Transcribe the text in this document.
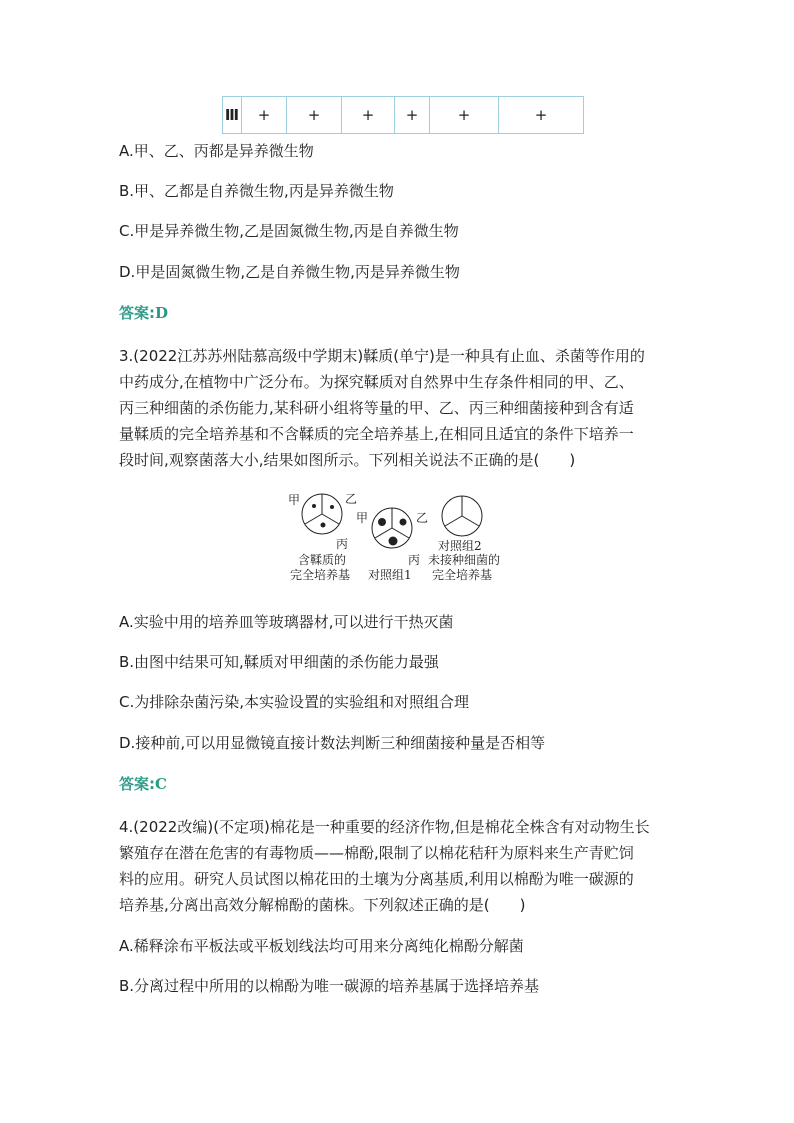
Ⅲ	+	+	+	+	+	+
A.甲、乙、丙都是异养微生物
B.甲、乙都是自养微生物,丙是异养微生物
C.甲是异养微生物,乙是固氮微生物,丙是自养微生物
D.甲是固氮微生物,乙是自养微生物,丙是异养微生物
答案:D
3.(2022江苏苏州陆慕高级中学期末)鞣质(单宁)是一种具有止血、杀菌等作用的
中药成分,在植物中广泛分布。为探究鞣质对自然界中生存条件相同的甲、乙、
丙三种细菌的杀伤能力,某科研小组将等量的甲、乙、丙三种细菌接种到含有适
量鞣质的完全培养基和不含鞣质的完全培养基上,在相同且适宜的条件下培养一
段时间,观察菌落大小,结果如图所示。下列相关说法不正确的是(　　)
甲	乙
丙
含鞣质的
完全培养基
甲	乙
丙
对照组1
对照组2
未接种细菌的
完全培养基
A.实验中用的培养皿等玻璃器材,可以进行干热灭菌
B.由图中结果可知,鞣质对甲细菌的杀伤能力最强
C.为排除杂菌污染,本实验设置的实验组和对照组合理
D.接种前,可以用显微镜直接计数法判断三种细菌接种量是否相等
答案:C
4.(2022改编)(不定项)棉花是一种重要的经济作物,但是棉花全株含有对动物生长
繁殖存在潜在危害的有毒物质——棉酚,限制了以棉花秸秆为原料来生产青贮饲
料的应用。研究人员试图以棉花田的土壤为分离基质,利用以棉酚为唯一碳源的
培养基,分离出高效分解棉酚的菌株。下列叙述正确的是(　　)
A.稀释涂布平板法或平板划线法均可用来分离纯化棉酚分解菌
B.分离过程中所用的以棉酚为唯一碳源的培养基属于选择培养基
